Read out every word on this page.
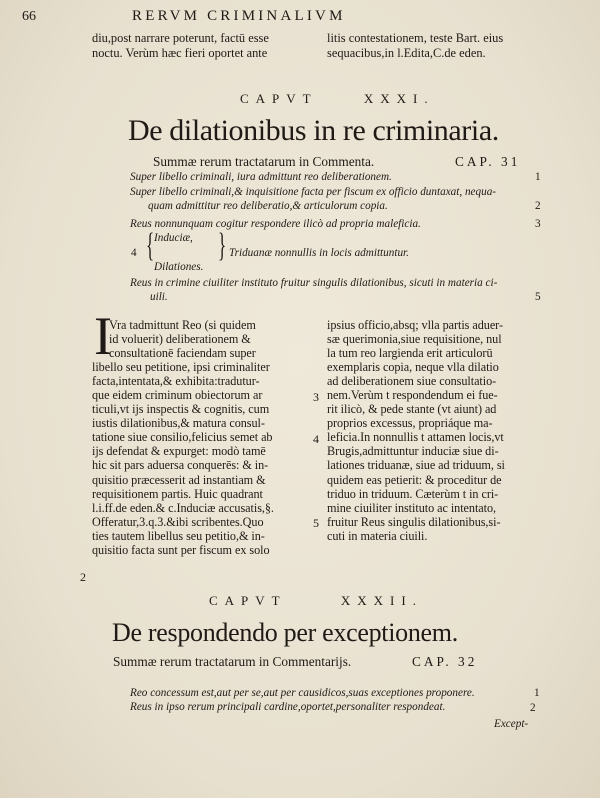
66	RERVM CRIMINALIVM
diu,post narrare poterunt, factū esse
noctu. Verùm hæc fieri oportet ante
litis contestationem, teste Bart. eius
sequacibus,in l.Edita,C.de eden.
CAPVT	XXXI.
De dilationibus in re criminaria.
Summæ rerum tractatarum in Commenta.	CAP. 31
Super libello criminali, iura admittunt reo deliberationem.	1
Super libello criminali,& inquisitione facta per fiscum ex officio duntaxat, nequa-
quam admittitur reo deliberatio,& articulorum copia.	2
Reus nonnunquam cogitur respondere ilicò ad propria maleficia.	3
4 { Induciæ,
Dilationes.
} Triduanæ nonnullis in locis admittuntur.
Reus in crimine ciuiliter instituto fruitur singulis dilationibus, sicuti in materia ci-
uili.	5
I
Vra tadmittunt Reo (si quidem
id voluerit) deliberationem &
consultationē faciendam super
libello seu petitione, ipsi criminaliter
facta,intentata,& exhibita:tradutur-
que eidem criminum obiectorum ar
ticuli,vt ijs inspectis & cognitis, cum
iustis dilationibus,& matura consul-
tatione siue consilio,felicius semet ab
ijs defendat & expurget: modò tamē
hic sit pars aduersa conquerēs: & in-
quisitio præcesserit ad instantiam &
requisitionem partis. Huic quadrant
l.i.ff.de eden.& c.Induciæ accusatis,§.
Offeratur,3.q.3.&ibi scribentes.Quo
ties tautem libellus seu petitio,& in-
quisitio facta sunt per fiscum ex solo
ipsius officio,absq; vlla partis aduer-
sæ querimonia,siue requisitione, nul
la tum reo largienda erit articulorū
exemplaris copia, neque vlla dilatio
ad deliberationem siue consultatio-
nem.Verùm t respondendum ei fue-
rit ilicò, & pede stante (vt aiunt) ad
proprios excessus, propriáque ma-
leficia.In nonnullis t attamen locis,vt
Brugis,admittuntur induciæ siue di-
lationes triduanæ, siue ad triduum, si
quidem eas petierit: & proceditur de
triduo in triduum. Cæterùm t in cri-
mine ciuiliter instituto ac intentato,
fruitur Reus singulis dilationibus,si-
cuti in materia ciuili.
2
3
4
5
CAPVT	XXXII.
De respondendo per exceptionem.
Summæ rerum tractatarum in Commentarijs.	CAP. 32
Reo concessum est,aut per se,aut per causidicos,suas exceptiones proponere.	1
Reus in ipso rerum principali cardine,oportet,personaliter respondeat.	2
Except-
